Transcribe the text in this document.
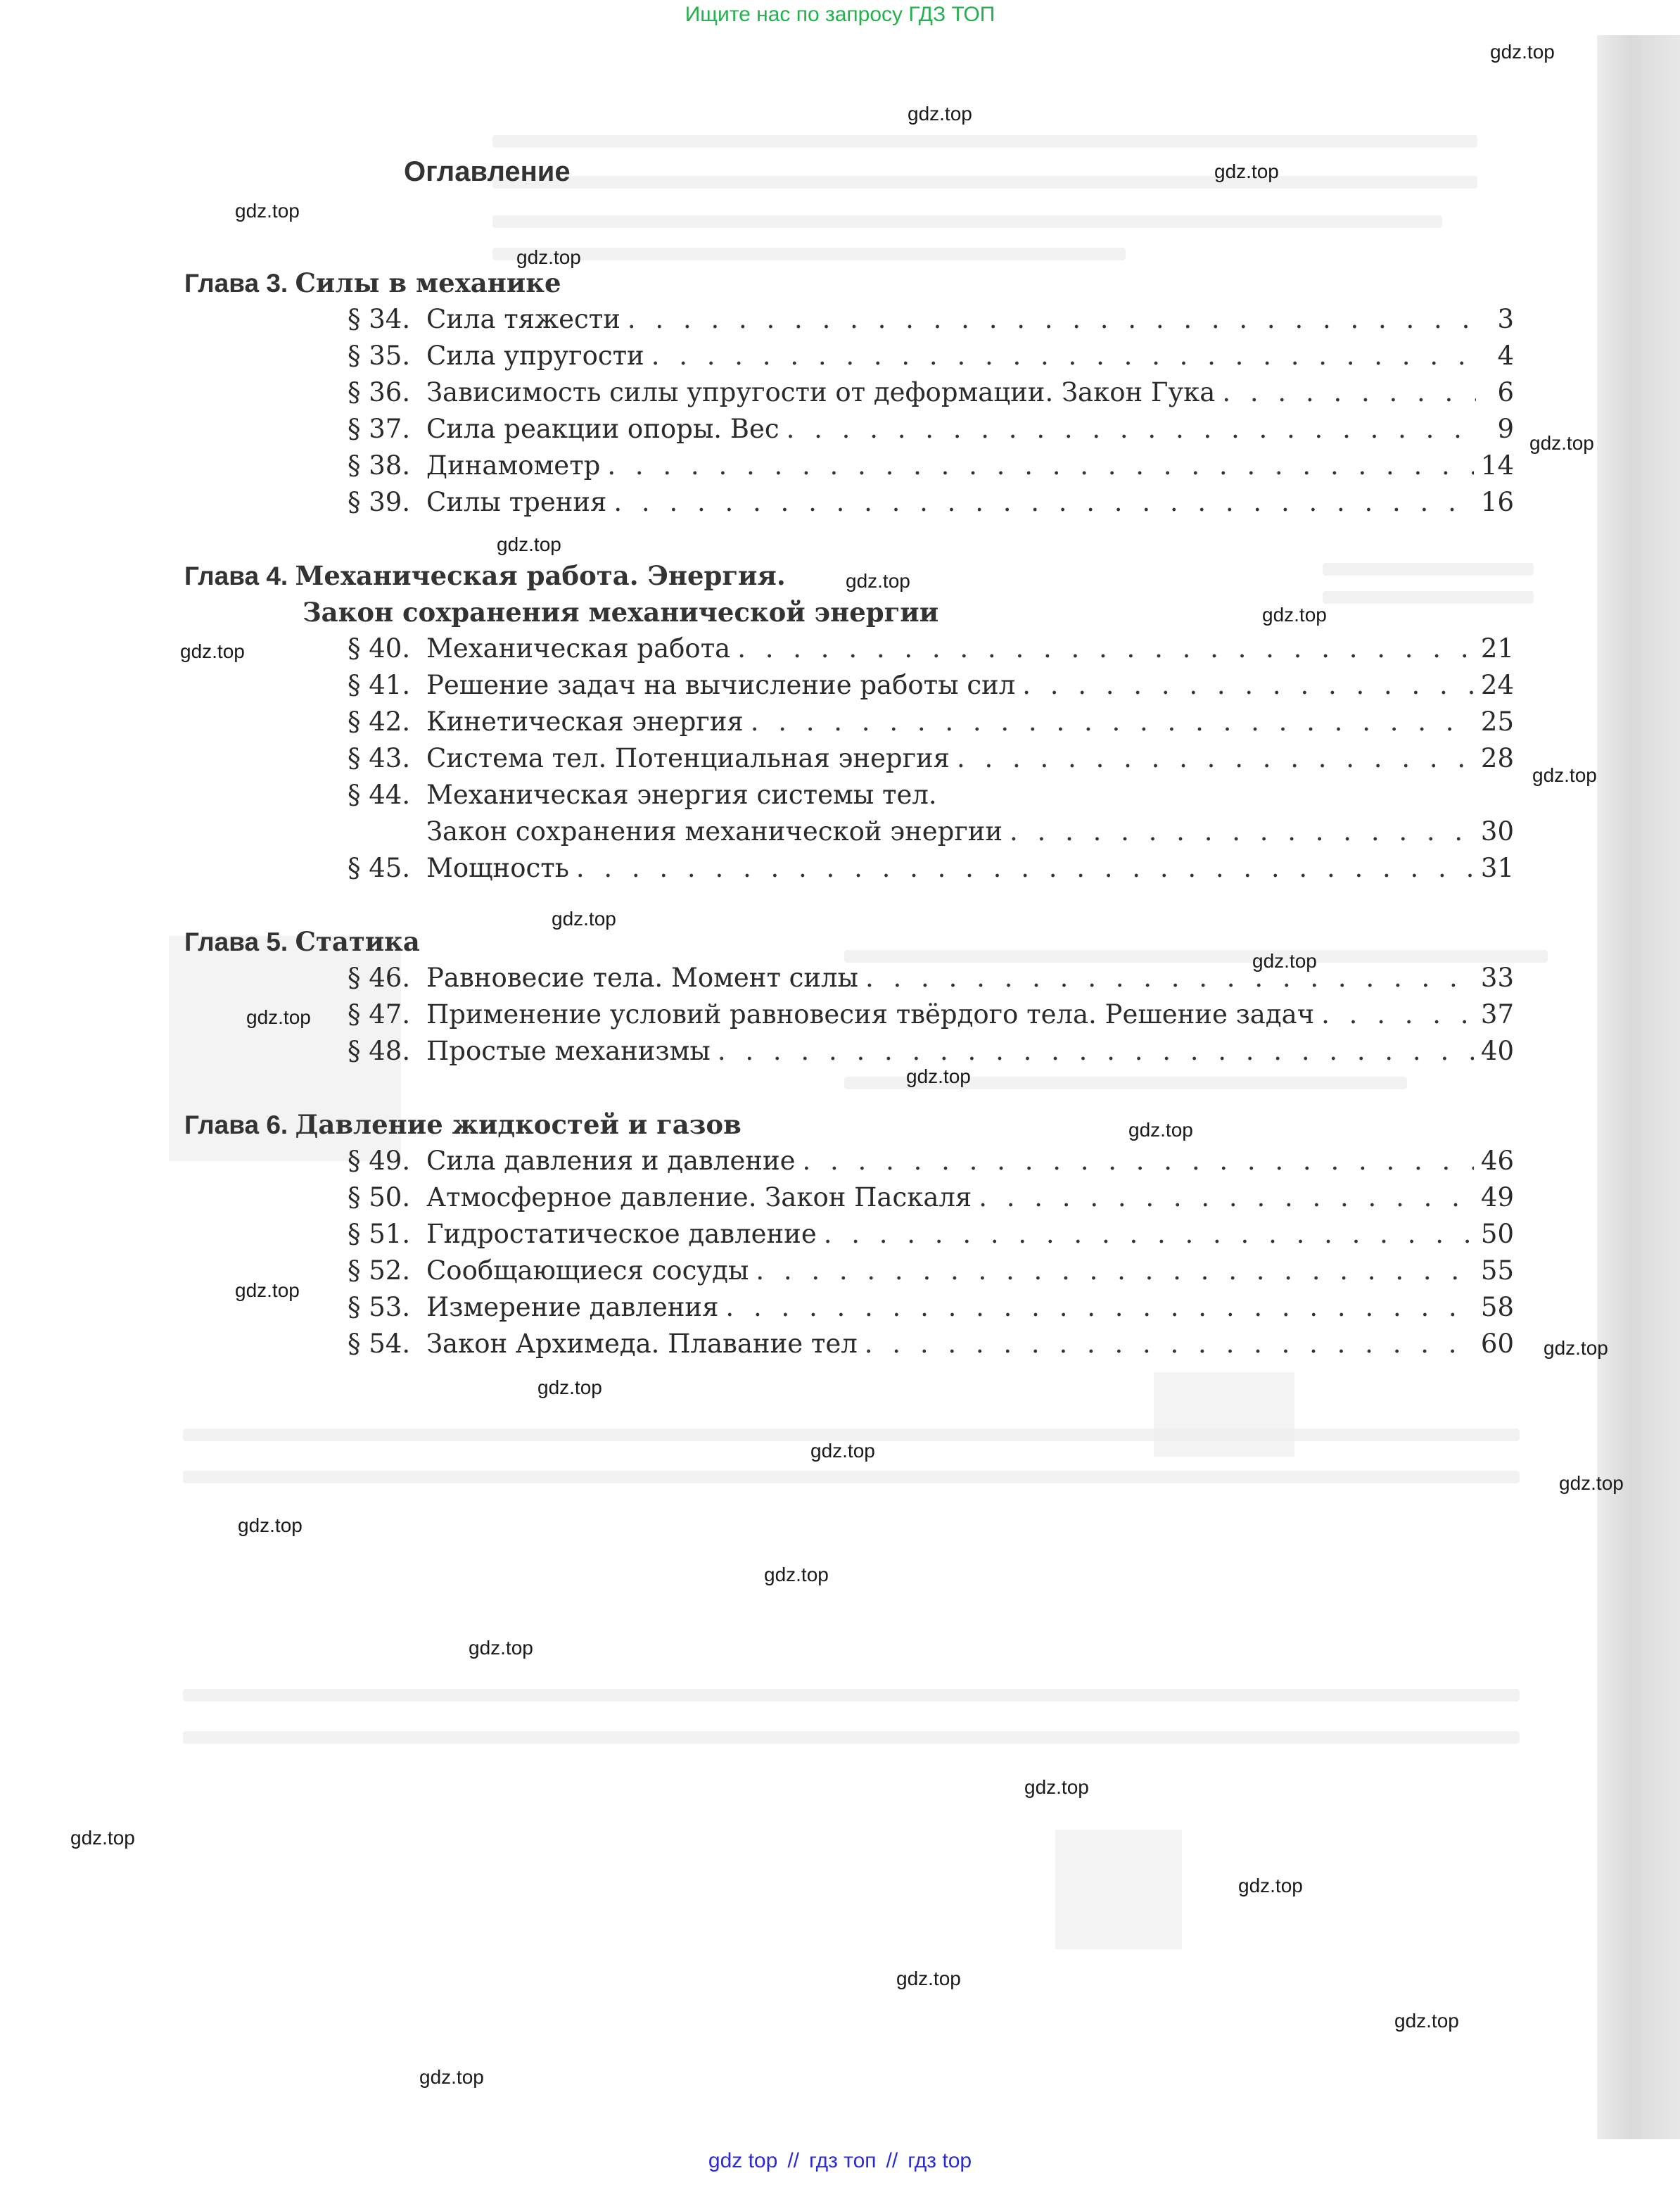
Ищите нас по запросу ГДЗ ТОП
Оглавление
Глава 3. Силы в механике
§ 34. Сила тяжести . . .	3
§ 35. Сила упругости . . .	4
§ 36. Зависимость силы упругости от деформации. Закон Гука . . .	6
§ 37. Сила реакции опоры. Вес . . .	9
§ 38. Динамометр . . .	14
§ 39. Силы трения . . .	16
Глава 4. Механическая работа. Энергия.
Закон сохранения механической энергии
§ 40. Механическая работа . . .	21
§ 41. Решение задач на вычисление работы сил . . .	24
§ 42. Кинетическая энергия . . .	25
§ 43. Система тел. Потенциальная энергия . . .	28
§ 44. Механическая энергия системы тел.
Закон сохранения механической энергии . . .	30
§ 45. Мощность . . .	31
Глава 5. Статика
§ 46. Равновесие тела. Момент силы . . .	33
§ 47. Применение условий равновесия твёрдого тела. Решение задач . . .	37
§ 48. Простые механизмы . . .	40
Глава 6. Давление жидкостей и газов
§ 49. Сила давления и давление . . .	46
§ 50. Атмосферное давление. Закон Паскаля . . .	49
§ 51. Гидростатическое давление . . .	50
§ 52. Сообщающиеся сосуды . . .	55
§ 53. Измерение давления . . .	58
§ 54. Закон Архимеда. Плавание тел . . .	60
gdz.top
gdz.top
gdz.top
gdz.top
gdz.top
gdz.top
gdz.top
gdz.top
gdz.top
gdz.top
gdz.top
gdz.top
gdz.top
gdz.top
gdz.top
gdz.top
gdz.top
gdz.top
gdz.top
gdz.top
gdz.top
gdz.top
gdz.top
gdz.top
gdz.top
gdz.top
gdz.top
gdz.top
gdz.top
gdz.top
gdz top // гдз топ // гдз top
